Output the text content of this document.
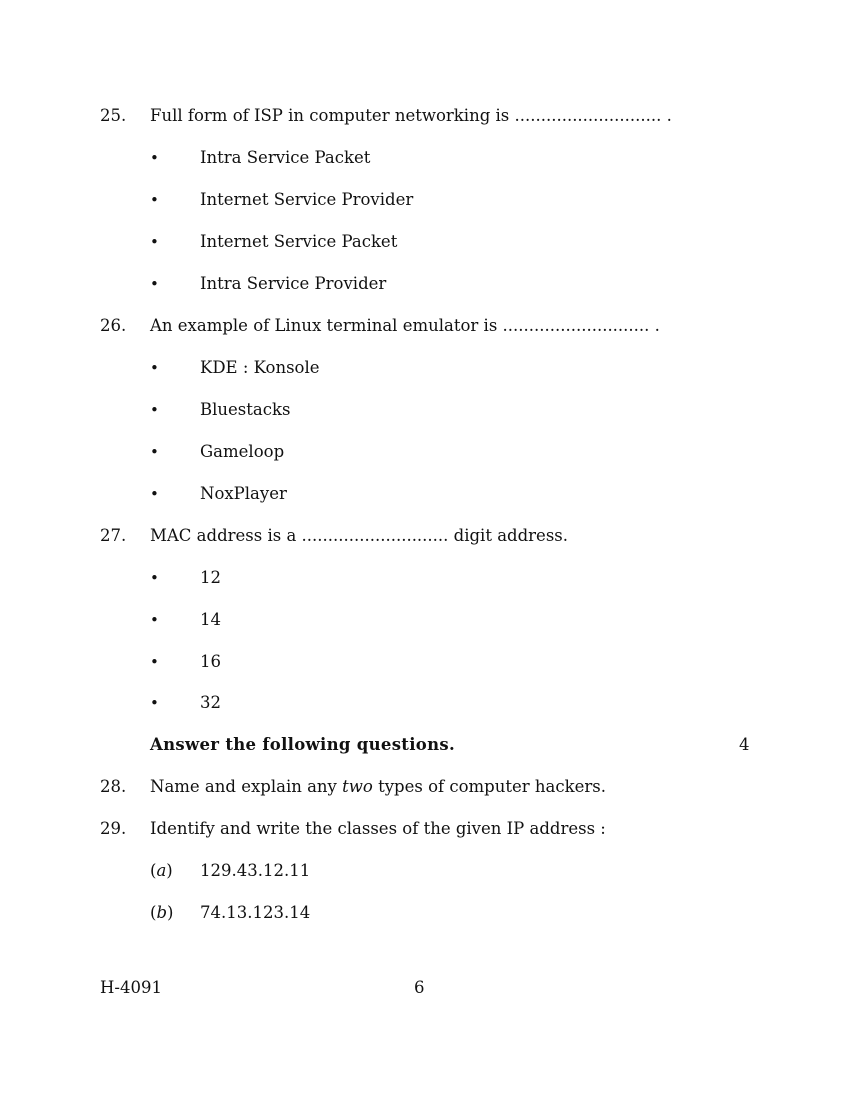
25. Full form of ISP in computer networking is ............................ .
• Intra Service Packet
• Internet Service Provider
• Internet Service Packet
• Intra Service Provider
26. An example of Linux terminal emulator is ............................ .
• KDE : Konsole
• Bluestacks
• Gameloop
• NoxPlayer
27. MAC address is a ............................ digit address.
• 12
• 14
• 16
• 32
Answer the following questions.	4
28. Name and explain any two types of computer hackers.
29. Identify and write the classes of the given IP address :
(a) 129.43.12.11
(b) 74.13.123.14
H-4091	6
